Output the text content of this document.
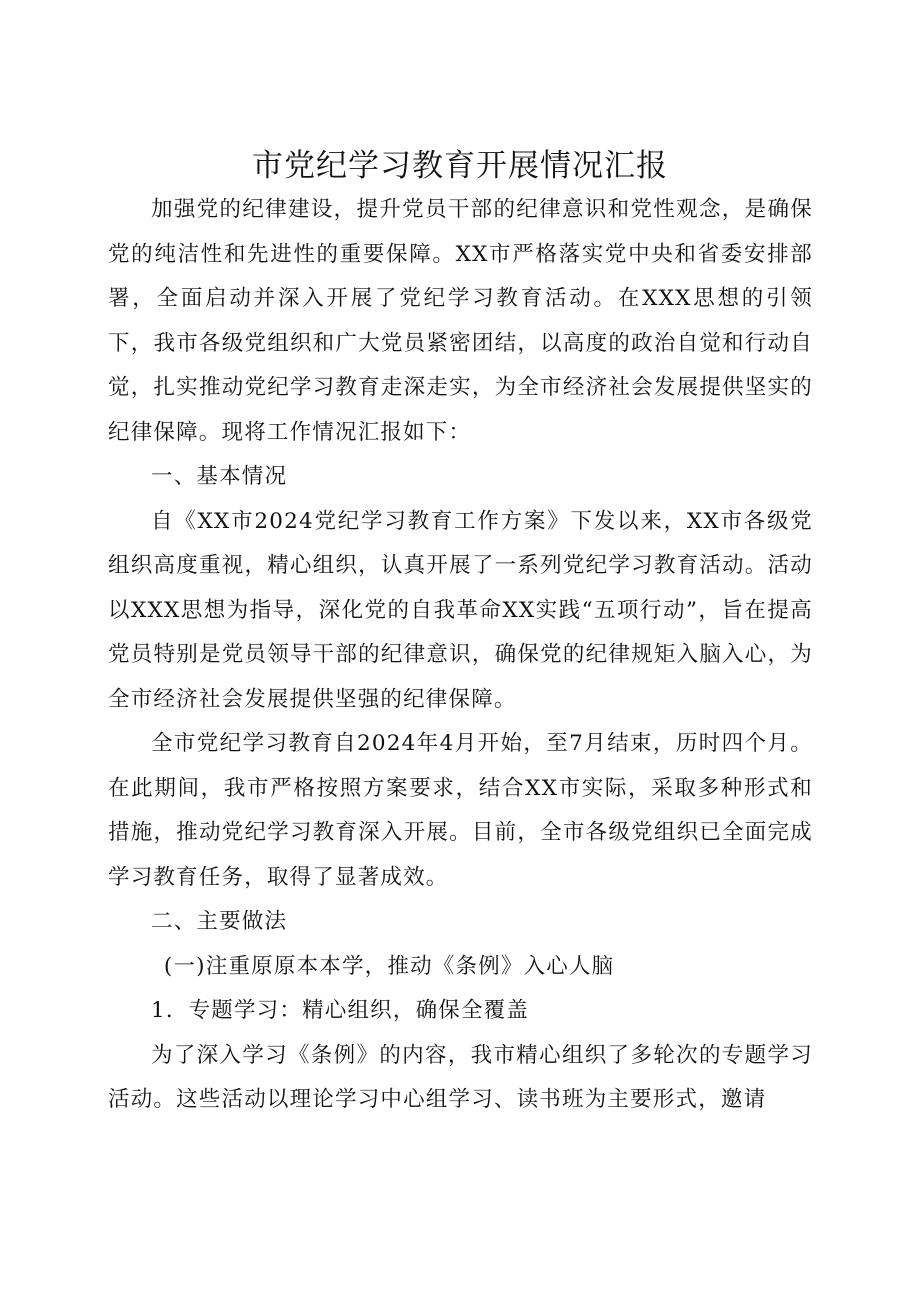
市党纪学习教育开展情况汇报

加强党的纪律建设，提升党员干部的纪律意识和党性观念，是确保党的纯洁性和先进性的重要保障。XX市严格落实党中央和省委安排部署，全面启动并深入开展了党纪学习教育活动。在XXX思想的引领下，我市各级党组织和广大党员紧密团结，以高度的政治自觉和行动自觉，扎实推动党纪学习教育走深走实，为全市经济社会发展提供坚实的纪律保障。现将工作情况汇报如下：

一、基本情况

自《XX市2024党纪学习教育工作方案》下发以来，XX市各级党组织高度重视，精心组织，认真开展了一系列党纪学习教育活动。活动以XXX思想为指导，深化党的自我革命XX实践“五项行动”，旨在提高党员特别是党员领导干部的纪律意识，确保党的纪律规矩入脑入心，为全市经济社会发展提供坚强的纪律保障。

全市党纪学习教育自2024年4月开始，至7月结束，历时四个月。在此期间，我市严格按照方案要求，结合XX市实际，采取多种形式和措施，推动党纪学习教育深入开展。目前，全市各级党组织已全面完成学习教育任务，取得了显著成效。

二、主要做法

(一)注重原原本本学，推动《条例》入心人脑

1．专题学习：精心组织，确保全覆盖

为了深入学习《条例》的内容，我市精心组织了多轮次的专题学习活动。这些活动以理论学习中心组学习、读书班为主要形式，邀请
